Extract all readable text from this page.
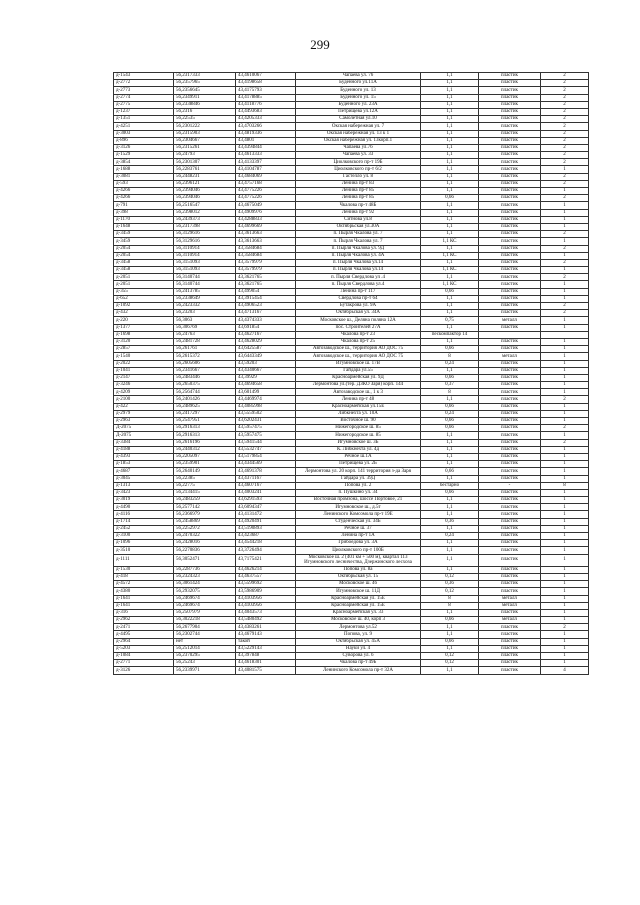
299
д-1543	56,2317333	43,4610067	Чапаева ул. 76	1,1	пластик	2
д-2772	56,2357965	43,4198658	Буденного ул.11А	1,1	пластик	2
д-2773	56,2356645	43,4175793	Буденного ул. 13	1,1	пластик	2
д-2774	56,2349911	43,4178885	Буденного ул. 15	1,1	пластик	2
д-2775	56,2338846	43,4118776	Буденного ул. 23А	1,1	пластик	2
д-1237	56,2316	43,4493683	Петрищева ул.12А	1,1	пластик	2
д-1351	56,22535	43,4205333	Самолетная ул.10	1,1	пластик	2
д-4251	56,2301222	43,4703266	Окская набережная ул. 7	1,1	пластик	2
д-3003	56,2315903	43,4819336	Окская набережная ул. 13 к 1	1,1	пластик	2
д-896	56,2304667	43,4801	Окская набережная ул. 13корп.1	1,1	пластик	2
д-3126	56,2315261	43,4394844	Чапаева ул.76	1,1	пластик	2
д-1529	56,24793	43,4613333	Чапаева ул. 33	1,1	пластик	2
д-3854	56,2301307	43,4133397	Циолковского пр-т 19Б	1,1	пластик	2
д-1688	56,2283761	43,4104787	Циолковского пр-т 6/2	1,1	пластик	1
д-3081	56,2448231	43,4684069	Гастелло ул. 8	1,1	пластик	2
д-593	56,2396121	43,4757168	Ленина пр-т 83	1,1	пластик	2
д-4266	56,2394046	43,4775226	Ленина пр-т 85	1,1	пластик	1
д-4266	56,2394046	43,4775226	Ленина пр-т 85	0,66	пластик	2
д-791	56,2516547	43,4675049	Чкалова пр-т 48Б	1,1	пластик	1
д-398	56,2398012	43,4909976	Ленина пр-т 92	1,1	пластик	1
д-1170	56,2439373	43,4288833	Ситнова ул.8	1,1	пластик	1
д-1648	56,2317398	43,4699669	Октябрьская ул.30А	1,1	пластик	1
д-3459	56,3129616	43,3613663	п. Пырля Чкалова ул. 7	1,1	пластик	2
д-3459	56,3129616	43,3613663	п. Пырля Чкалова ул. 7	1,1 КС	пластик	1
д-2054	56,3110914	43,3584684	п. Пырля Чкалова ул. 9Д	1,1	пластик	2
д-2054	56,3110914	43,3584684	п. Пырля Чкалова ул. 4А	1,1 КС	пластик	1
д-3458	56,3151093	43,3579979	п. Пырля Чкалова ул.14	1,1	пластик	2
д-3458	56,3151093	43,3579979	п. Пырля Чкалова ул.14	1,1 КС	пластик	1
д-2051	56,3140744	43,3621765	п. Пырля Свердлова ул .4	1,1	пластик	2
д-2051	56,3140744	43,3621765	п. Пырля Свердлова ул.4	1,1 КС	пластик	1
д-355	56,2413785	43,499054	Ленина пр-т 117	0,66	пластик	1
д-652	56,2338649	43,3915454	Свердлова пр-т 64	1,1	пластик	1
д-1092	56,2423332	43,4906523	Бутакрова ул. 9А	1,1	пластик	2
д-432	56,23203	43,4713167	Октябрьская ул. 34А	1,1	пластик	2
д-220	56,3063	43,4374333	Московское ш., Деляна поляна 12А	0,75	металл	1
д-1377	56,306769	43,691854	пос. Строителей 27А	1,1	пластик	1
д-1698	56,24763	43,4627167	Чкалова пр-т 23	пескомпактор 14		
д-3120	56,2481728	43,4628029	Чкалова пр-т 25	1,1	пластик	1
д-2857	56,261761	43,6425587	Автозаводское ш., территория АО ДОС 75	0,66	пластик	1
д-1540	56,2615372	43,6443349	Автозаводское ш., территория АО ДОС 75	8	металл	1
д-2022	56,2605606	43,59203	Игумновское ш. 17В	0,24	пластик	1
д-1041	56,2341667	43,4340667	Гайдара ул.55	1,1	пластик	1
д-2147	56,2483446	43,39929	Красноармейская ул. 9Д	0,66	пластик	1
д-3246	56,2650375	43,4694658	Лермонтова ул.(тер. ДЗКО Заря) корп. 144	0,37	пластик	1
д-4209	56,2564744	43,601499	Автозаводское ш., 1 к 3	8	пластик	1
д-2100	56,2401426	43,4469974	Ленина пр-т 48	1,1	пластик	2
д-422	56,2489625	43,4085998	Красноармейская ул.15Е	0,66	пластик	1
д-2979	56,2417297	43,5559502	Либкнехта ул. 10А	0,24	пластик	1
д-2963	56,2547951	43,6202431	Восточное ш. 90	0,66	пластик	1
Д-2075	56,2916313	43,5957475	Нижегородское ш. 85	0,66	пластик	2
Д-2075	56,2916313	43,5957475	Нижегородское ш. 85	1,1	пластик	1
д-3384	56,2616196	43,5941544	Игумновское ш. 3Б	1,1	пластик	2
д-4188	56,2440312	43,5532747	К. Либкнехта ул. 4д	1,1	пластик	1
д-4393	56,2205097	43,5179854	Речное ш.1А	1,1	пластик	1
д-1853	56,2359901	43,4344569	Петрищева ул. 2Б	1,1	пластик	1
д-4687	56,2640149	43,4691378	Лермонтова ул. 20 корп. 141 территория з-да Заря	0,66	пластик	1
д-3045	56,22385	43,4371167	Гайдара ул. 39Д	1,1	пластик	1
д-1313	56,22775	43,4607167	Попова ул. 2	бестарно	-	8
д-3423	56,2134415	43,4003241	п. Пушкино ул. 34	0,66	пластик	1
д-3019	56,2483259	43,6291593	Восточная промзона, шоссе Портовое, 21	1,1	пластик	1
д-4490	56,2577142	43,6094347	Игумновское ш., д.5т	1,1	пластик	1
д-4116	56,2366979	43,4131472	Ленинского Комсомола пр-т 19Е	1,1	пластик	1
д-1714	56,2458869	43,4920491	Студенческая ул. 34Б	0,36	пластик	1
д-2452	56,2252972	43,5190893	Речное ш. 37	1,1	пластик	1
д-3100	56,2470322	43,423687	Ленина пр-т 1А	0,24	пластик	1
д-1096	56,2428016	43,4544218	Грибоедова ул. 3А	1,1	пластик	1
д-3510	56,2270836	43,3726494	Циолковского пр-т 100Б	1,1	пластик	1
д-1111	56,3052471	43,7175421	Московское ш. 2 (401 км + 500 м), квартал 113 Игумновского лесничества, Дзержинского лесхоза	1,1	пластик	1
д-1530	56,2287736	43,4626214	Попова ул. 8а	1,1	пластик	1
д-418	56,2324323	43,4637557	Октябрьская ул. 15	0,12	пластик	1
д-4572	56,3061424	43,5599692	Московское ш. 46	0,36	пластик	1
д-4380	56,2932075	43,5986909	Игумновское ш. 11Д	0,12	пластик	1
д-1641	56,2469674	43,4103956	Красноармейская ул. 15Е	8	металл	1
д-1641	56,2469674	43,4103956	Красноармейская ул. 15Е	8	металл	1
д-316	56,2507979	43,4043573	Красноармейская ул. 33	1,1	пластик	1
д-2962	56,3022218	43,5480492	Московское ш. 40, корп 3	0,66	металл	1
д-2471	56,2677904	43,4383261	Лермонтова ул.52	1,1	пластик	2
д-4495	56,2302744	43,4679143	Попова, ул. 9	1,1	пластик	1
д-2964	нет	такой	Октябрьская ул. 45А	0,66	пластик	1
д-5203	56,2512014	43,5229143	Науки ул. 4	1,1	пластик	1
д-1084	56,2370295	43,397848	Суворова ул. 6	0,12	пластик	1
д-2771	56,25243	43,4618301	Чкалова пр-т 49Б	0,12	пластик	1
д-3126	56,2339971	43,4081575	Ленинского Комсомола пр-т 32А	1,1	пластик	4
